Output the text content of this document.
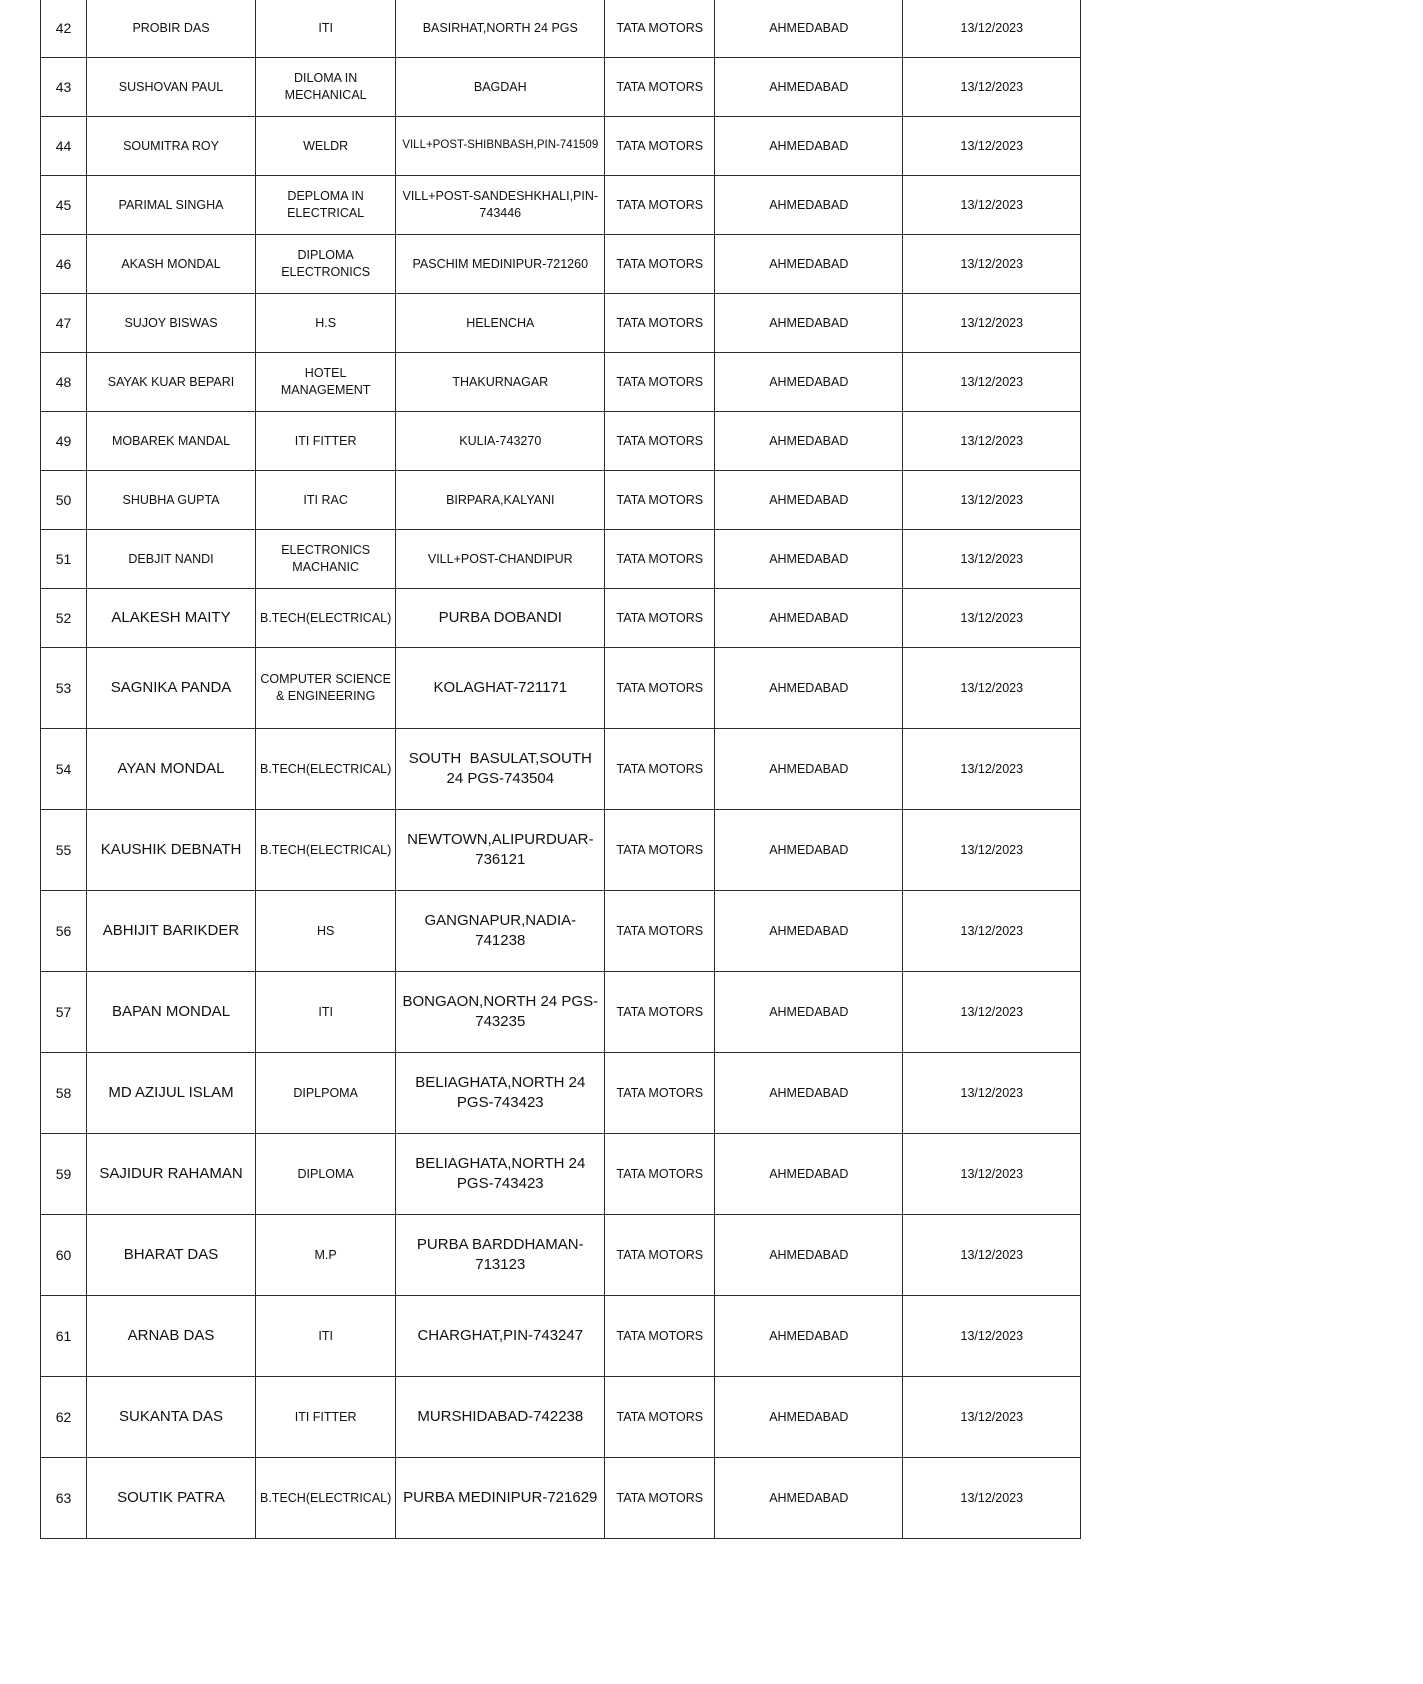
42	PROBIR DAS	ITI	BASIRHAT,NORTH 24 PGS	TATA MOTORS	AHMEDABAD	13/12/2023
43	SUSHOVAN PAUL	DILOMA IN MECHANICAL	BAGDAH	TATA MOTORS	AHMEDABAD	13/12/2023
44	SOUMITRA ROY	WELDR	VILL+POST-SHIBNBASH,PIN-741509	TATA MOTORS	AHMEDABAD	13/12/2023
45	PARIMAL SINGHA	DEPLOMA IN ELECTRICAL	VILL+POST-SANDESHKHALI,PIN-743446	TATA MOTORS	AHMEDABAD	13/12/2023
46	AKASH MONDAL	DIPLOMA ELECTRONICS	PASCHIM MEDINIPUR-721260	TATA MOTORS	AHMEDABAD	13/12/2023
47	SUJOY BISWAS	H.S	HELENCHA	TATA MOTORS	AHMEDABAD	13/12/2023
48	SAYAK KUAR BEPARI	HOTEL MANAGEMENT	THAKURNAGAR	TATA MOTORS	AHMEDABAD	13/12/2023
49	MOBAREK MANDAL	ITI FITTER	KULIA-743270	TATA MOTORS	AHMEDABAD	13/12/2023
50	SHUBHA GUPTA	ITI RAC	BIRPARA,KALYANI	TATA MOTORS	AHMEDABAD	13/12/2023
51	DEBJIT NANDI	ELECTRONICS MACHANIC	VILL+POST-CHANDIPUR	TATA MOTORS	AHMEDABAD	13/12/2023
52	ALAKESH MAITY	B.TECH(ELECTRICAL)	PURBA DOBANDI	TATA MOTORS	AHMEDABAD	13/12/2023
53	SAGNIKA PANDA	COMPUTER SCIENCE & ENGINEERING	KOLAGHAT-721171	TATA MOTORS	AHMEDABAD	13/12/2023
54	AYAN MONDAL	B.TECH(ELECTRICAL)	SOUTH  BASULAT,SOUTH 24 PGS-743504	TATA MOTORS	AHMEDABAD	13/12/2023
55	KAUSHIK DEBNATH	B.TECH(ELECTRICAL)	NEWTOWN,ALIPURDUAR-736121	TATA MOTORS	AHMEDABAD	13/12/2023
56	ABHIJIT BARIKDER	HS	GANGNAPUR,NADIA-741238	TATA MOTORS	AHMEDABAD	13/12/2023
57	BAPAN MONDAL	ITI	BONGAON,NORTH 24 PGS-743235	TATA MOTORS	AHMEDABAD	13/12/2023
58	MD AZIJUL ISLAM	DIPLPOMA	BELIAGHATA,NORTH 24 PGS-743423	TATA MOTORS	AHMEDABAD	13/12/2023
59	SAJIDUR RAHAMAN	DIPLOMA	BELIAGHATA,NORTH 24 PGS-743423	TATA MOTORS	AHMEDABAD	13/12/2023
60	BHARAT DAS	M.P	PURBA BARDDHAMAN-713123	TATA MOTORS	AHMEDABAD	13/12/2023
61	ARNAB DAS	ITI	CHARGHAT,PIN-743247	TATA MOTORS	AHMEDABAD	13/12/2023
62	SUKANTA DAS	ITI FITTER	MURSHIDABAD-742238	TATA MOTORS	AHMEDABAD	13/12/2023
63	SOUTIK PATRA	B.TECH(ELECTRICAL)	PURBA MEDINIPUR-721629	TATA MOTORS	AHMEDABAD	13/12/2023
